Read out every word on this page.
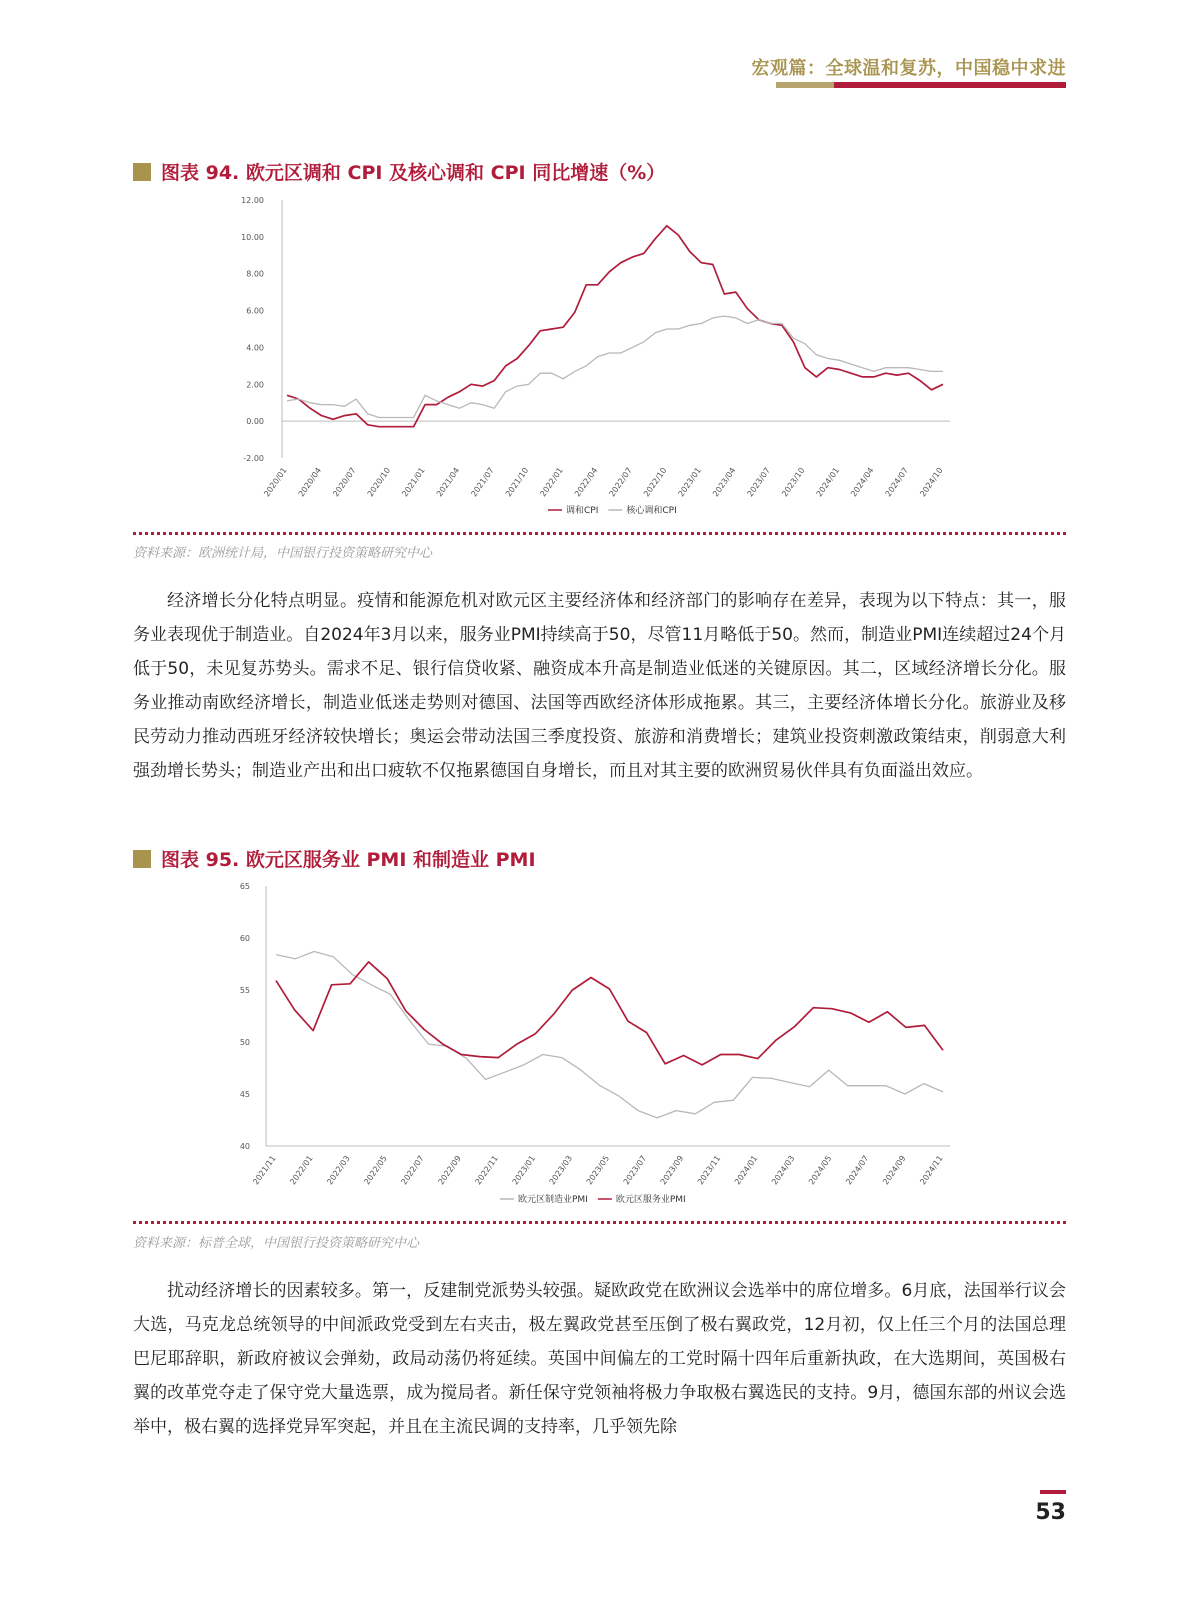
宏观篇：全球温和复苏，中国稳中求进
图表 94. 欧元区调和 CPI 及核心调和 CPI 同比增速（%）
12.00
10.00
8.00
6.00
4.00
2.00
0.00
-2.00
2020/01 2020/04 2020/07 2020/10 2021/01 2021/04 2021/07 2021/10 2022/01 2022/04 2022/07 2022/10 2023/01 2023/04 2023/07 2023/10 2024/01 2024/04 2024/07 2024/10
调和CPI	核心调和CPI
资料来源：欧洲统计局，中国银行投资策略研究中心

经济增长分化特点明显。疫情和能源危机对欧元区主要经济体和经济部门的影响存在差异，表现为以下特点：其一，服务业表现优于制造业。自2024年3月以来，服务业PMI持续高于50，尽管11月略低于50。然而，制造业PMI连续超过24个月低于50，未见复苏势头。需求不足、银行信贷收紧、融资成本升高是制造业低迷的关键原因。其二，区域经济增长分化。服务业推动南欧经济增长，制造业低迷走势则对德国、法国等西欧经济体形成拖累。其三，主要经济体增长分化。旅游业及移民劳动力推动西班牙经济较快增长；奥运会带动法国三季度投资、旅游和消费增长；建筑业投资刺激政策结束，削弱意大利强劲增长势头；制造业产出和出口疲软不仅拖累德国自身增长，而且对其主要的欧洲贸易伙伴具有负面溢出效应。

图表 95. 欧元区服务业 PMI 和制造业 PMI
65
60
55
50
45
40
2021/11 2022/01 2022/03 2022/05 2022/07 2022/09 2022/11 2023/01 2023/03 2023/05 2023/07 2023/09 2023/11 2024/01 2024/03 2024/05 2024/07 2024/09 2024/11
欧元区制造业PMI	欧元区服务业PMI
资料来源：标普全球，中国银行投资策略研究中心

扰动经济增长的因素较多。第一，反建制党派势头较强。疑欧政党在欧洲议会选举中的席位增多。6月底，法国举行议会大选，马克龙总统领导的中间派政党受到左右夹击，极左翼政党甚至压倒了极右翼政党，12月初，仅上任三个月的法国总理巴尼耶辞职，新政府被议会弹劾，政局动荡仍将延续。英国中间偏左的工党时隔十四年后重新执政，在大选期间，英国极右翼的改革党夺走了保守党大量选票，成为搅局者。新任保守党领袖将极力争取极右翼选民的支持。9月，德国东部的州议会选举中，极右翼的选择党异军突起，并且在主流民调的支持率，几乎领先除

53
